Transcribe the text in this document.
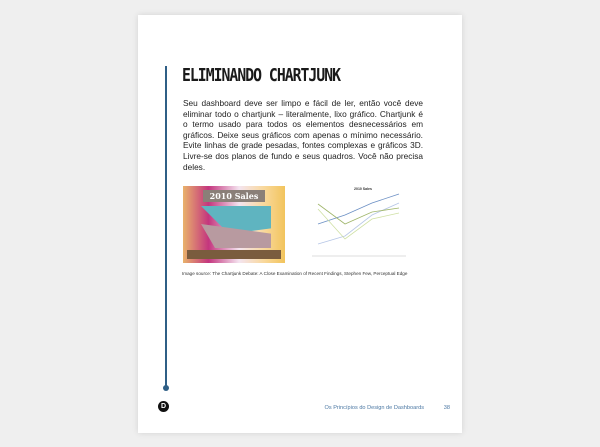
ELIMINANDO CHARTJUNK

Seu dashboard deve ser limpo e fácil de ler, então você deve eliminar todo o chartjunk – literalmente, lixo gráfico. Chartjunk é o termo usado para todos os elementos desnecessários em gráficos. Deixe seus gráficos com apenas o mínimo necessário. Evite linhas de grade pesadas, fontes complexas e gráficos 3D. Livre-se dos planos de fundo e seus quadros. Você não precisa deles.

2010 Sales
2010 Sales

Image source: The Chartjunk Debate: A Close Examination of Recent Findings, Stephen Few, Perceptual Edge

D	Os Princípios do Design de Dashboards	38
